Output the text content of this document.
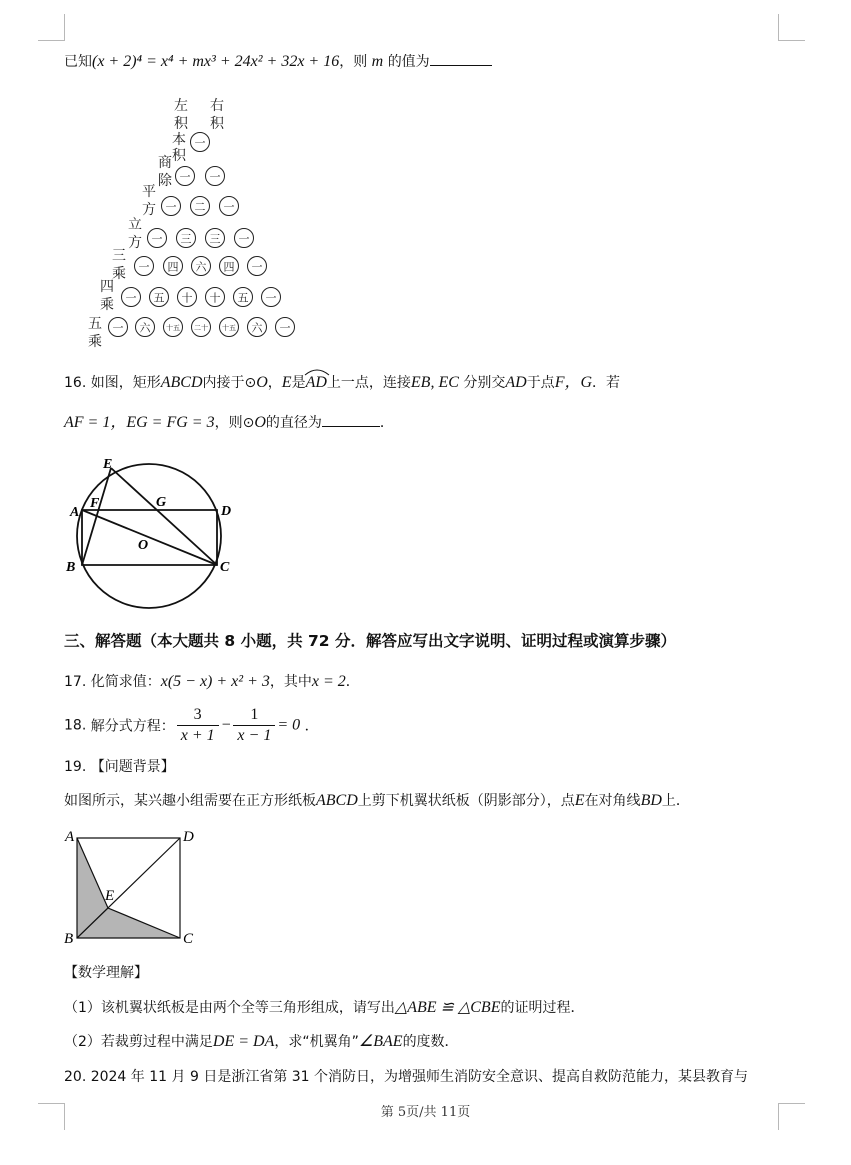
已知(x + 2)⁴ = x⁴ + mx³ + 24x² + 32x + 16，则 m 的值为
左
积
本
积
右
积
商
除
平
方
立
方
三
乘
四
乘
五
乘
一
一 一
一 二 一
一 三 三 一
一 四 六 四 一
一 五 十 十 五 一
一 六 十五 二十 十五 六 一
16. 如图，矩形ABCD内接于⊙O，E是AD
上一点，连接EB, EC 分别交AD于点F，G．若
AF = 1，EG = FG = 3，则⊙O的直径为	．
E
A
F	G
D
O
B	C
三、解答题（本大题共 8 小题，共 72 分．解答应写出文字说明、证明过程或演算步骤）
17. 化简求值：x(5 − x) + x² + 3，其中x = 2．
18. 解分式方程： $\frac{3}{x + 1} - \frac{1}{x - 1} = 0$ ．
19. 【问题背景】
如图所示，某兴趣小组需要在正方形纸板ABCD上剪下机翼状纸板（阴影部分），点E在对角线BD上．
A	D
E
B	C
【数学理解】
（1）该机翼状纸板是由两个全等三角形组成，请写出△ABE ≌ △CBE的证明过程．
（2）若裁剪过程中满足DE = DA，求“机翼角”∠BAE的度数．
20. 2024 年 11 月 9 日是浙江省第 31 个消防日，为增强师生消防安全意识、提高自救防范能力，某县教育与
第 5页/共 11页
